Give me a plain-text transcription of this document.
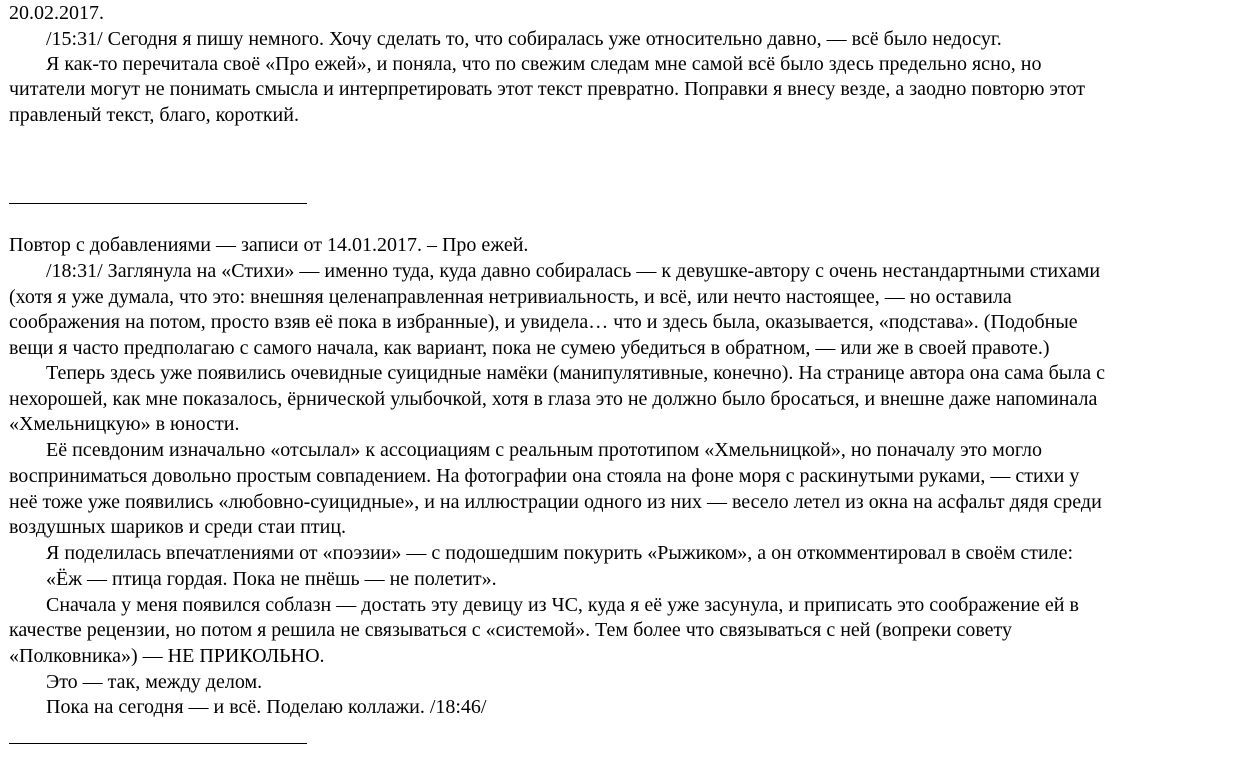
20.02.2017.
/15:31/ Сегодня я пишу немного. Хочу сделать то, что собиралась уже относительно давно, — всё было недосуг.
Я как-то перечитала своё «Про ежей», и поняла, что по свежим следам мне самой всё было здесь предельно ясно, но
читатели могут не понимать смысла и интерпретировать этот текст превратно. Поправки я внесу везде, а заодно повторю этот
правленый текст, благо, короткий.
Повтор с добавлениями — записи от 14.01.2017. – Про ежей.
/18:31/ Заглянула на «Стихи» — именно туда, куда давно собиралась — к девушке-автору с очень нестандартными стихами
(хотя я уже думала, что это: внешняя целенаправленная нетривиальность, и всё, или нечто настоящее, — но оставила
соображения на потом, просто взяв её пока в избранные), и увидела… что и здесь была, оказывается, «подстава». (Подобные
вещи я часто предполагаю с самого начала, как вариант, пока не сумею убедиться в обратном, — или же в своей правоте.)
Теперь здесь уже появились очевидные суицидные намёки (манипулятивные, конечно). На странице автора она сама была с
нехорошей, как мне показалось, ёрнической улыбочкой, хотя в глаза это не должно было бросаться, и внешне даже напоминала
«Хмельницкую» в юности.
Её псевдоним изначально «отсылал» к ассоциациям с реальным прототипом «Хмельницкой», но поначалу это могло
восприниматься довольно простым совпадением. На фотографии она стояла на фоне моря с раскинутыми руками, — стихи у
неё тоже уже появились «любовно-суицидные», и на иллюстрации одного из них — весело летел из окна на асфальт дядя среди
воздушных шариков и среди стаи птиц.
Я поделилась впечатлениями от «поэзии» — с подошедшим покурить «Рыжиком», а он откомментировал в своём стиле:
«Ёж — птица гордая. Пока не пнёшь — не полетит».
Сначала у меня появился соблазн — достать эту девицу из ЧС, куда я её уже засунула, и приписать это соображение ей в
качестве рецензии, но потом я решила не связываться с «системой». Тем более что связываться с ней (вопреки совету
«Полковника») — НЕ ПРИКОЛЬНО.
Это — так, между делом.
Пока на сегодня — и всё. Поделаю коллажи. /18:46/
